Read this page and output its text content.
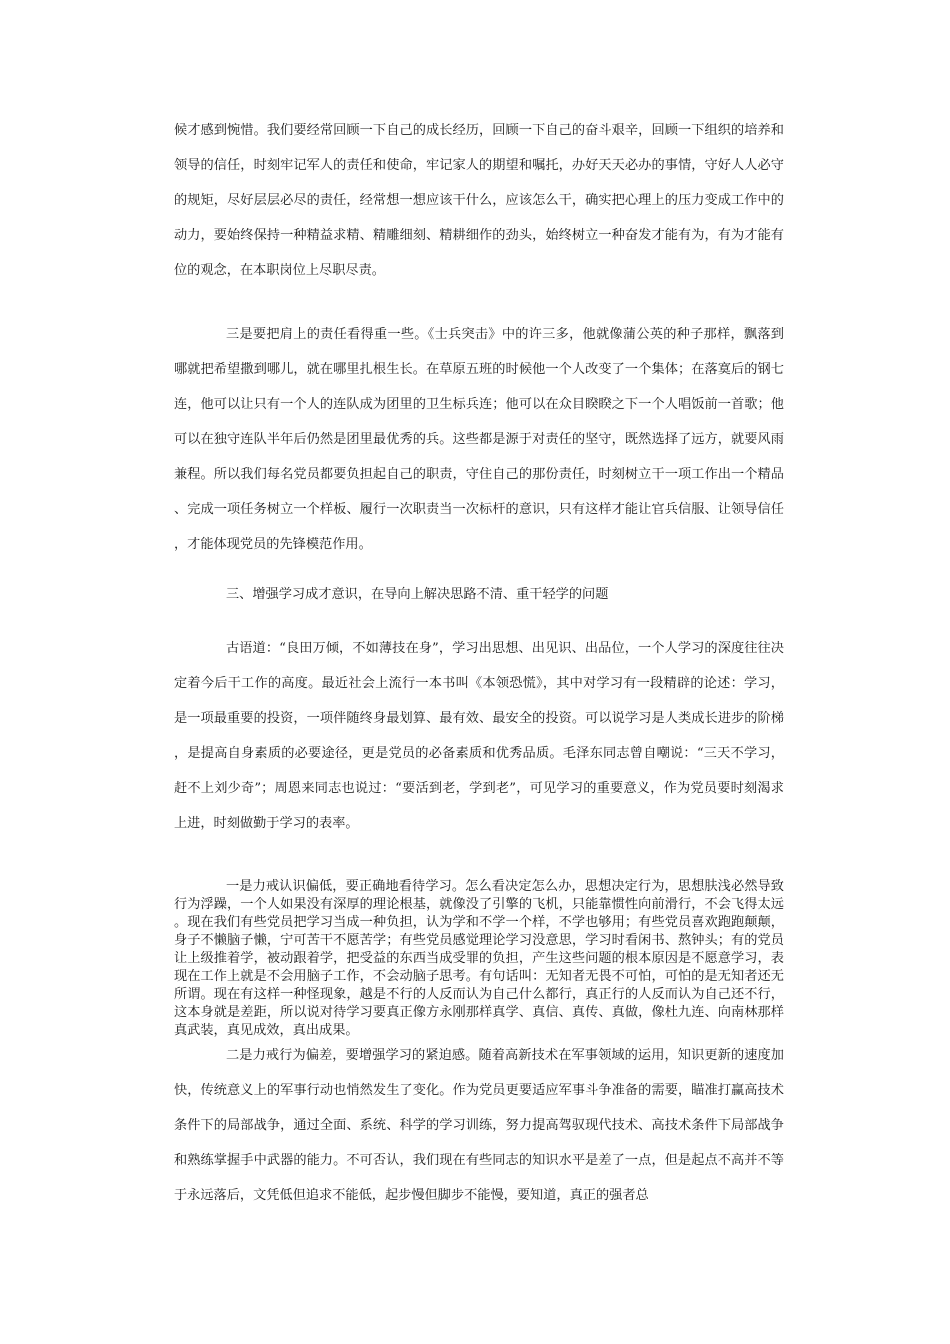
候才感到惋惜。我们要经常回顾一下自己的成长经历，回顾一下自己的奋斗艰辛，回顾一下组织的培养和领导的信任，时刻牢记军人的责任和使命，牢记家人的期望和嘱托，办好天天必办的事情，守好人人必守的规矩，尽好层层必尽的责任，经常想一想应该干什么，应该怎么干，确实把心理上的压力变成工作中的动力，要始终保持一种精益求精、精雕细刻、精耕细作的劲头，始终树立一种奋发才能有为，有为才能有位的观念，在本职岗位上尽职尽责。

三是要把肩上的责任看得重一些。《士兵突击》中的许三多，他就像蒲公英的种子那样，飘落到哪就把希望撒到哪儿，就在哪里扎根生长。在草原五班的时候他一个人改变了一个集体；在落寞后的钢七连，他可以让只有一个人的连队成为团里的卫生标兵连；他可以在众目睽睽之下一个人唱饭前一首歌；他可以在独守连队半年后仍然是团里最优秀的兵。这些都是源于对责任的坚守，既然选择了远方，就要风雨兼程。所以我们每名党员都要负担起自己的职责，守住自己的那份责任，时刻树立干一项工作出一个精品、完成一项任务树立一个样板、履行一次职责当一次标杆的意识，只有这样才能让官兵信服、让领导信任，才能体现党员的先锋模范作用。

三、增强学习成才意识，在导向上解决思路不清、重干轻学的问题

古语道：“良田万倾，不如薄技在身”，学习出思想、出见识、出品位，一个人学习的深度往往决定着今后干工作的高度。最近社会上流行一本书叫《本领恐慌》，其中对学习有一段精辟的论述：学习，是一项最重要的投资，一项伴随终身最划算、最有效、最安全的投资。可以说学习是人类成长进步的阶梯，是提高自身素质的必要途径，更是党员的必备素质和优秀品质。毛泽东同志曾自嘲说：“三天不学习，赶不上刘少奇”；周恩来同志也说过：“要活到老，学到老”，可见学习的重要意义，作为党员要时刻渴求上进，时刻做勤于学习的表率。

一是力戒认识偏低，要正确地看待学习。怎么看决定怎么办，思想决定行为，思想肤浅必然导致行为浮躁，一个人如果没有深厚的理论根基，就像没了引擎的飞机，只能靠惯性向前滑行，不会飞得太远。现在我们有些党员把学习当成一种负担，认为学和不学一个样，不学也够用；有些党员喜欢跑跑颠颠，身子不懒脑子懒，宁可苦干不愿苦学；有些党员感觉理论学习没意思，学习时看闲书、熬钟头；有的党员让上级推着学，被动跟着学，把受益的东西当成受罪的负担，产生这些问题的根本原因是不愿意学习，表现在工作上就是不会用脑子工作，不会动脑子思考。有句话叫：无知者无畏不可怕，可怕的是无知者还无所谓。现在有这样一种怪现象，越是不行的人反而认为自己什么都行，真正行的人反而认为自己还不行，这本身就是差距，所以说对待学习要真正像方永刚那样真学、真信、真传、真做，像杜九连、向南林那样真武装，真见成效，真出成果。

二是力戒行为偏差，要增强学习的紧迫感。随着高新技术在军事领域的运用，知识更新的速度加快，传统意义上的军事行动也悄然发生了变化。作为党员更要适应军事斗争准备的需要，瞄准打赢高技术条件下的局部战争，通过全面、系统、科学的学习训练，努力提高驾驭现代技术、高技术条件下局部战争和熟练掌握手中武器的能力。不可否认，我们现在有些同志的知识水平是差了一点，但是起点不高并不等于永远落后，文凭低但追求不能低，起步慢但脚步不能慢，要知道，真正的强者总
